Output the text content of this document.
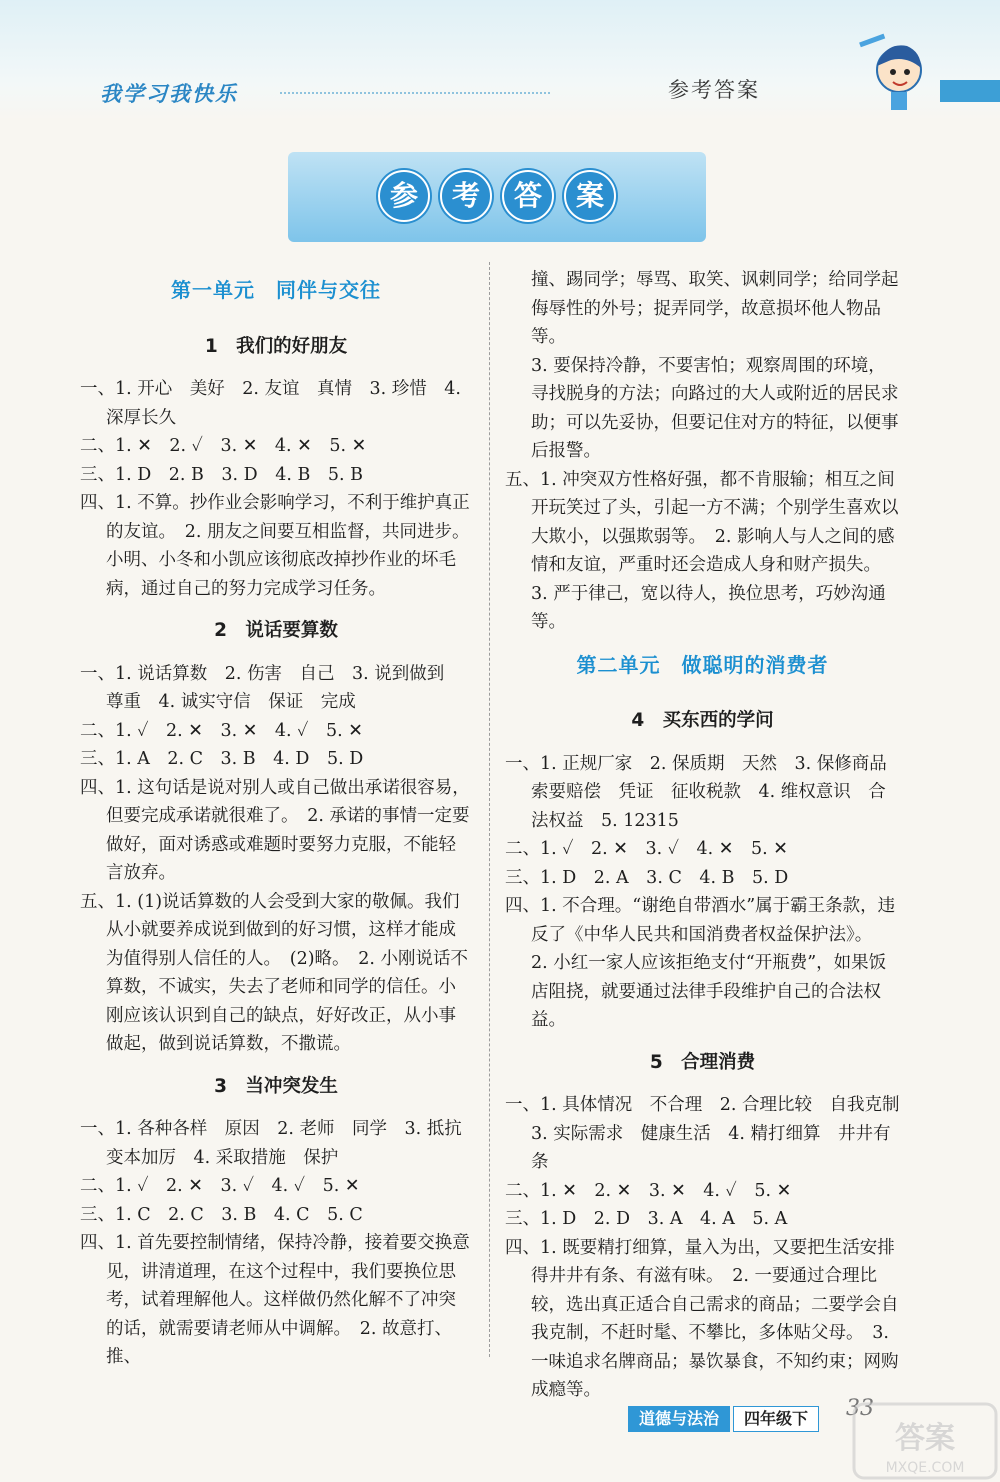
我学习我快乐	参考答案
参	考	答	案
第一单元　同伴与交往
1　我们的好朋友

一、1. 开心　美好　2. 友谊　真情　3. 珍惜　4. 深厚长久

二、1. ✕　2. ✓　3. ✕　4. ✕　5. ✕

三、1. D　2. B　3. D　4. B　5. B

四、1. 不算。抄作业会影响学习，不利于维护真正的友谊。　2. 朋友之间要互相监督，共同进步。小明、小冬和小凯应该彻底改掉抄作业的坏毛病，通过自己的努力完成学习任务。

2　说话要算数

一、1. 说话算数　2. 伤害　自己　3. 说到做到　尊重　4. 诚实守信　保证　完成

二、1. ✓　2. ✕　3. ✕　4. ✓　5. ✕

三、1. A　2. C　3. B　4. D　5. D

四、1. 这句话是说对别人或自己做出承诺很容易，但要完成承诺就很难了。　2. 承诺的事情一定要做好，面对诱惑或难题时要努力克服，不能轻言放弃。

五、1. (1)说话算数的人会受到大家的敬佩。我们从小就要养成说到做到的好习惯，这样才能成为值得别人信任的人。　(2)略。　2. 小刚说话不算数，不诚实，失去了老师和同学的信任。小刚应该认识到自己的缺点，好好改正，从小事做起，做到说话算数，不撒谎。

3　当冲突发生

一、1. 各种各样　原因　2. 老师　同学　3. 抵抗　变本加厉　4. 采取措施　保护

二、1. ✓　2. ✕　3. ✓　4. ✓　5. ✕

三、1. C　2. C　3. B　4. C　5. C

四、1. 首先要控制情绪，保持冷静，接着要交换意见，讲清道理，在这个过程中，我们要换位思考，试着理解他人。这样做仍然化解不了冲突的话，就需要请老师从中调解。　2. 故意打、推、

撞、踢同学；辱骂、取笑、讽刺同学；给同学起侮辱性的外号；捉弄同学，故意损坏他人物品等。

3. 要保持冷静，不要害怕；观察周围的环境，寻找脱身的方法；向路过的大人或附近的居民求助；可以先妥协，但要记住对方的特征，以便事后报警。

五、1. 冲突双方性格好强，都不肯服输；相互之间开玩笑过了头，引起一方不满；个别学生喜欢以大欺小，以强欺弱等。　2. 影响人与人之间的感情和友谊，严重时还会造成人身和财产损失。

3. 严于律己，宽以待人，换位思考，巧妙沟通等。

第二单元　做聪明的消费者
4　买东西的学问

一、1. 正规厂家　2. 保质期　天然　3. 保修商品　索要赔偿　凭证　征收税款　4. 维权意识　合法权益　5. 12315

二、1. ✓　2. ✕　3. ✓　4. ✕　5. ✕

三、1. D　2. A　3. C　4. B　5. D

四、1. 不合理。“谢绝自带酒水”属于霸王条款，违反了《中华人民共和国消费者权益保护法》。

2. 小红一家人应该拒绝支付“开瓶费”，如果饭店阻挠，就要通过法律手段维护自己的合法权益。

5　合理消费

一、1. 具体情况　不合理　2. 合理比较　自我克制　3. 实际需求　健康生活　4. 精打细算　井井有条

二、1. ✕　2. ✕　3. ✕　4. ✓　5. ✕

三、1. D　2. D　3. A　4. A　5. A

四、1. 既要精打细算，量入为出，又要把生活安排得井井有条、有滋有味。　2. 一要通过合理比较，选出真正适合自己需求的商品；二要学会自我克制，不赶时髦、不攀比，多体贴父母。　3. 一味追求名牌商品；暴饮暴食，不知约束；网购成瘾等。

道德与法治	四年级下	33
答案
MXQE.COM
